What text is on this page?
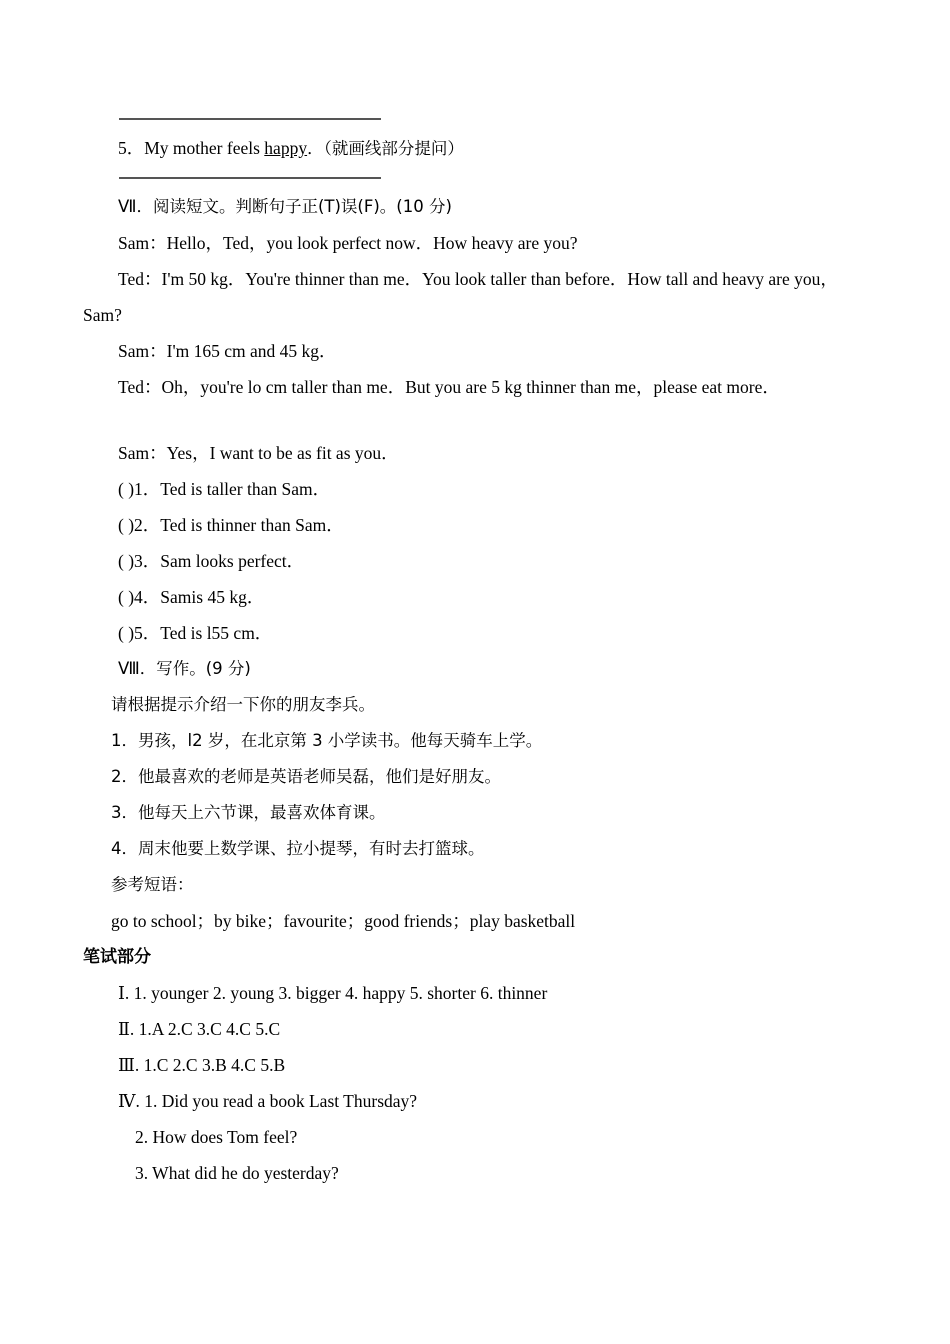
5．My mother feels happy．（就画线部分提问）
Ⅶ．阅读短文。判断句子正(T)误(F)。(10 分)
Sam：Hello，Ted，you look perfect now．How heavy are you?
Ted：I'm 50 kg．You're thinner than me．You look taller than before．How tall and heavy are you，Sam?
Sam：I'm 165 cm and 45 kg．
Ted：Oh，you're lo cm taller than me．But you are 5 kg thinner than me，please eat more．
Sam：Yes，I want to be as fit as you．
( )1．Ted is taller than Sam．
( )2．Ted is thinner than Sam．
( )3．Sam looks perfect．
( )4．Samis 45 kg．
( )5．Ted is l55 cm．
Ⅷ．写作。(9 分)
请根据提示介绍一下你的朋友李兵。
1．男孩，l2 岁，在北京第 3 小学读书。他每天骑车上学。
2．他最喜欢的老师是英语老师吴磊，他们是好朋友。
3．他每天上六节课，最喜欢体育课。
4．周末他要上数学课、拉小提琴，有时去打篮球。
参考短语：
go to school；by bike；favourite；good friends；play basketball
笔试部分
Ⅰ. 1. younger 2. young 3. bigger 4. happy 5. shorter 6. thinner
Ⅱ. 1.A 2.C 3.C 4.C 5.C
Ⅲ. 1.C 2.C 3.B 4.C 5.B
Ⅳ. 1. Did you read a book Last Thursday?
2. How does Tom feel?
3. What did he do yesterday?
